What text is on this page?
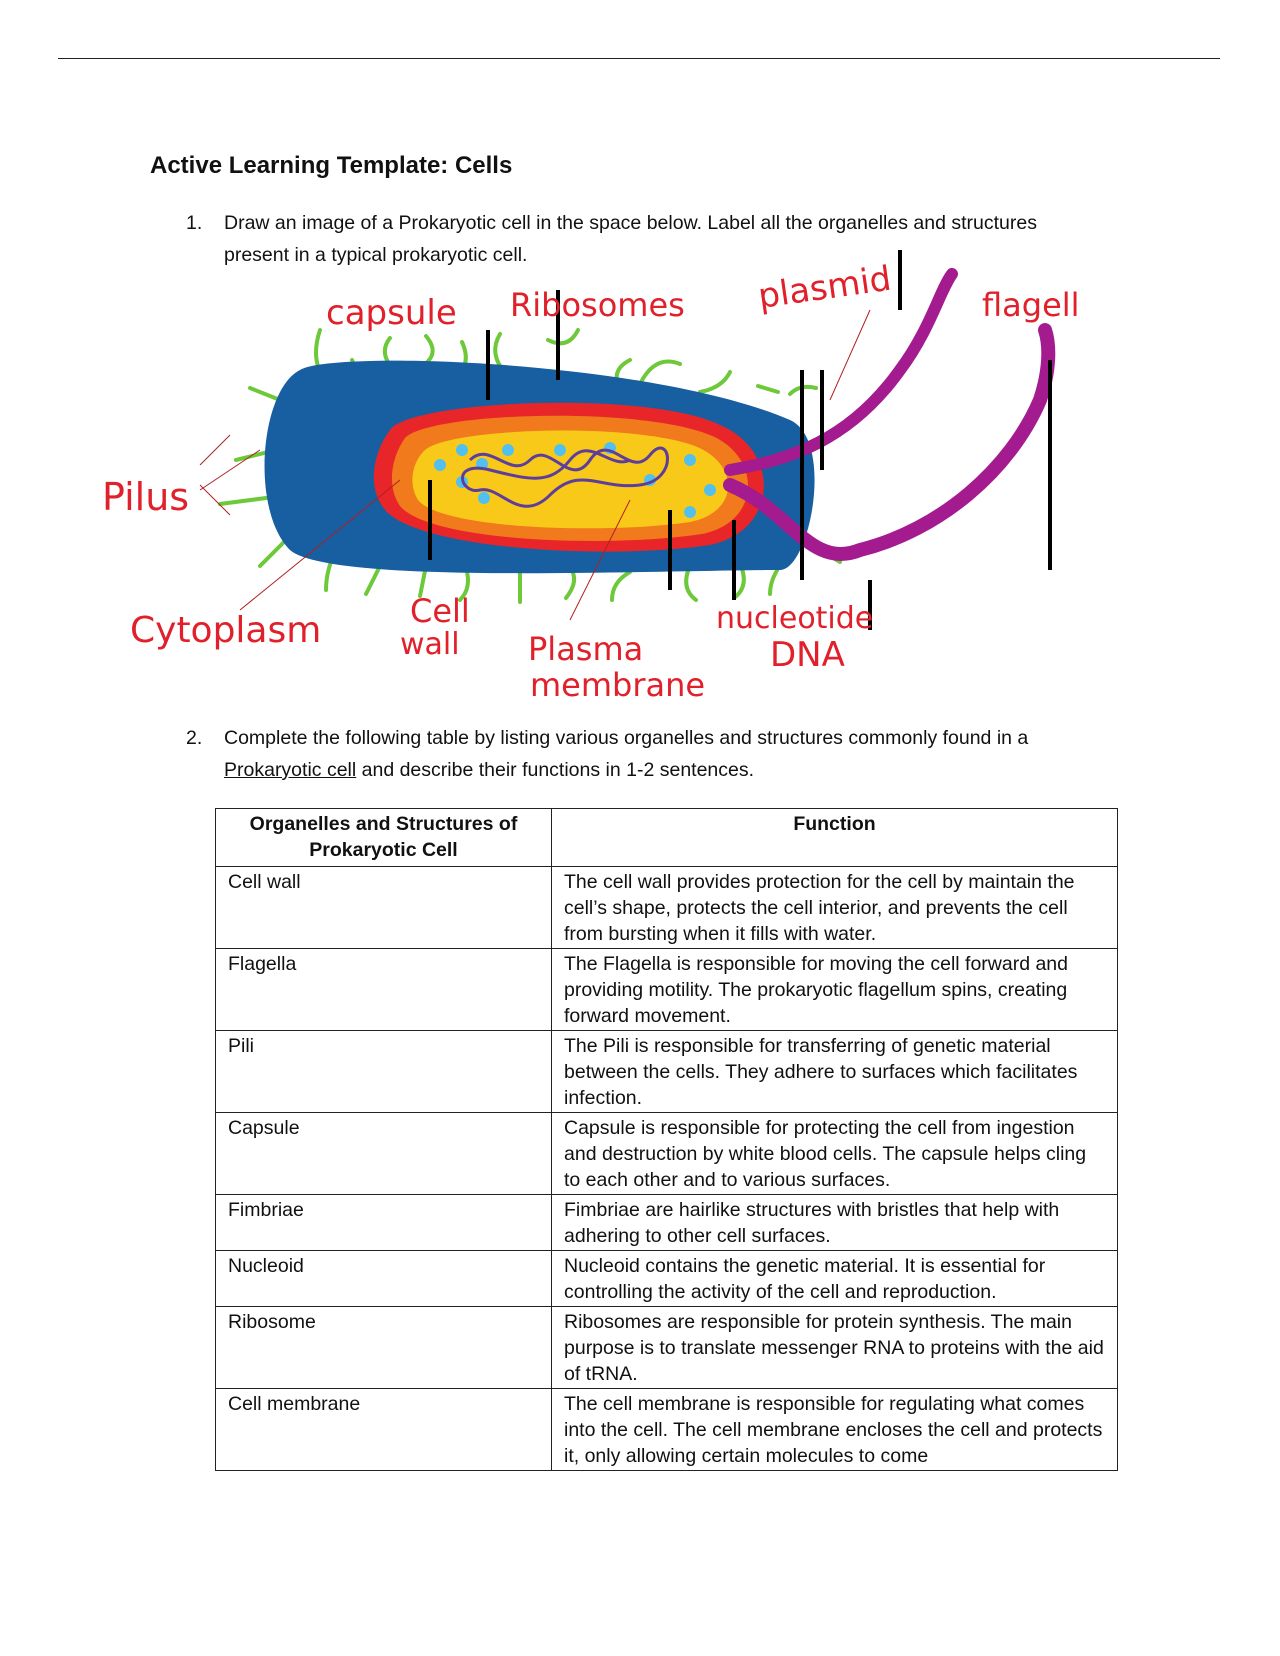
Active Learning Template: Cells
1. Draw an image of a Prokaryotic cell in the space below. Label all the organelles and structures present in a typical prokaryotic cell.
capsule Ribosomes plasmid	flagell
Pilus
Cytoplasm	Cell
wall Plasma
membrane
nucleotide
DNA
2. Complete the following table by listing various organelles and structures commonly found in a Prokaryotic cell and describe their functions in 1-2 sentences.
Organelles and Structures of Prokaryotic Cell	Function
Cell wall	The cell wall provides protection for the cell by maintain the cell’s shape, protects the cell interior, and prevents the cell from bursting when it fills with water.
Flagella	The Flagella is responsible for moving the cell forward and providing motility. The prokaryotic flagellum spins, creating forward movement.
Pili	The Pili is responsible for transferring of genetic material between the cells. They adhere to surfaces which facilitates infection.
Capsule	Capsule is responsible for protecting the cell from ingestion and destruction by white blood cells. The capsule helps cling to each other and to various surfaces.
Fimbriae	Fimbriae are hairlike structures with bristles that help with adhering to other cell surfaces.
Nucleoid	Nucleoid contains the genetic material. It is essential for controlling the activity of the cell and reproduction.
Ribosome	Ribosomes are responsible for protein synthesis. The main purpose is to translate messenger RNA to proteins with the aid of tRNA.
Cell membrane	The cell membrane is responsible for regulating what comes into the cell. The cell membrane encloses the cell and protects it, only allowing certain molecules to come
